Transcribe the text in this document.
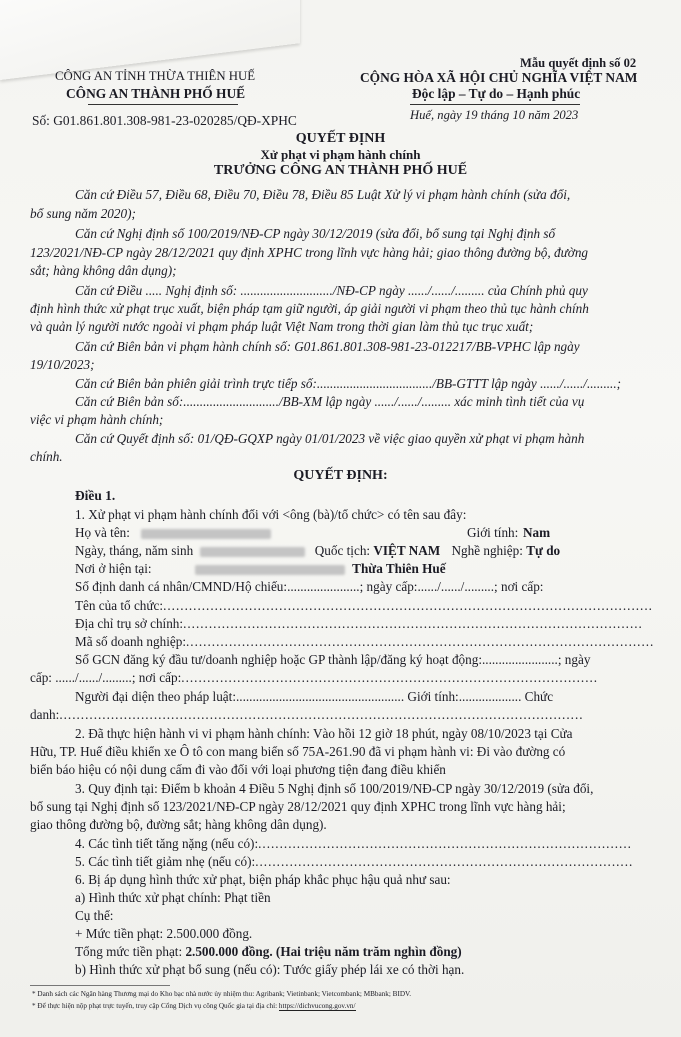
Mẫu quyết định số 02
CÔNG AN TỈNH THỪA THIÊN HUẾ	CỘNG HÒA XÃ HỘI CHỦ NGHĨA VIỆT NAM
CÔNG AN THÀNH PHỐ HUẾ	Độc lập – Tự do – Hạnh phúc
Số: G01.861.801.308-981-23-020285/QĐ-XPHC	Huế, ngày 19 tháng 10 năm 2023
QUYẾT ĐỊNH
Xử phạt vi phạm hành chính
TRƯỞNG CÔNG AN THÀNH PHỐ HUẾ
Căn cứ Điều 57, Điều 68, Điều 70, Điều 78, Điều 85 Luật Xử lý vi phạm hành chính (sửa đổi,
bổ sung năm 2020);
Căn cứ Nghị định số 100/2019/NĐ-CP ngày 30/12/2019 (sửa đổi, bổ sung tại Nghị định số
123/2021/NĐ-CP ngày 28/12/2021 quy định XPHC trong lĩnh vực hàng hải; giao thông đường bộ, đường
sắt; hàng không dân dụng);
Căn cứ Điều ..... Nghị định số: ............................/NĐ-CP ngày ....../....../......... của Chính phủ quy
định hình thức xử phạt trục xuất, biện pháp tạm giữ người, áp giải người vi phạm theo thủ tục hành chính
và quản lý người nước ngoài vi phạm pháp luật Việt Nam trong thời gian làm thủ tục trục xuất;
Căn cứ Biên bản vi phạm hành chính số: G01.861.801.308-981-23-012217/BB-VPHC lập ngày
19/10/2023;
Căn cứ Biên bản phiên giải trình trực tiếp số:.................................../BB-GTTT lập ngày ....../....../.........;
Căn cứ Biên bản số:............................./BB-XM lập ngày ....../....../......... xác minh tình tiết của vụ
việc vi phạm hành chính;
Căn cứ Quyết định số: 01/QĐ-GQXP ngày 01/01/2023 về việc giao quyền xử phạt vi phạm hành
chính.
QUYẾT ĐỊNH:
Điều 1.
1. Xử phạt vi phạm hành chính đối với <ông (bà)/tổ chức> có tên sau đây:
Họ và tên:	Giới tính: Nam
Ngày, tháng, năm sinh	Quốc tịch: VIỆT NAM Nghề nghiệp: Tự do
Nơi ở hiện tại:	Thừa Thiên Huế
Số định danh cá nhân/CMND/Hộ chiếu:......................; ngày cấp:....../....../.........; nơi cấp:
Tên của tổ chức:..................................................................................................................
Địa chỉ trụ sở chính:...........................................................................................................
Mã số doanh nghiệp:.............................................................................................................
Số GCN đăng ký đầu tư/doanh nghiệp hoặc GP thành lập/đăng ký hoạt động:.......................; ngày
cấp: ....../....../.........; nơi cấp:.................................................................................................
Người đại diện theo pháp luật:................................................... Giới tính:................... Chức
danh:..........................................................................................................................
2. Đã thực hiện hành vi vi phạm hành chính: Vào hồi 12 giờ 18 phút, ngày 08/10/2023 tại Cửa
Hữu, TP. Huế điều khiển xe Ô tô con mang biển số 75A-261.90 đã vi phạm hành vi: Đi vào đường có
biển báo hiệu có nội dung cấm đi vào đối với loại phương tiện đang điều khiển
3. Quy định tại: Điểm b khoản 4 Điều 5 Nghị định số 100/2019/NĐ-CP ngày 30/12/2019 (sửa đổi,
bổ sung tại Nghị định số 123/2021/NĐ-CP ngày 28/12/2021 quy định XPHC trong lĩnh vực hàng hải;
giao thông đường bộ, đường sắt; hàng không dân dụng).
4. Các tình tiết tăng nặng (nếu có):.......................................................................................
5. Các tình tiết giảm nhẹ (nếu có):........................................................................................
6. Bị áp dụng hình thức xử phạt, biện pháp khắc phục hậu quả như sau:
a) Hình thức xử phạt chính: Phạt tiền
Cụ thể:
+ Mức tiền phạt: 2.500.000 đồng.
Tổng mức tiền phạt: 2.500.000 đồng. (Hai triệu năm trăm nghìn đồng)
b) Hình thức xử phạt bổ sung (nếu có): Tước giấy phép lái xe có thời hạn.
* Danh sách các Ngân hàng Thương mại do Kho bạc nhà nước ủy nhiệm thu: Agribank; Vietinbank; Vietcombank; MBbank; BIDV.
* Để thực hiện nộp phạt trực tuyến, truy cập Cổng Dịch vụ công Quốc gia tại địa chỉ: https://dichvucong.gov.vn/
